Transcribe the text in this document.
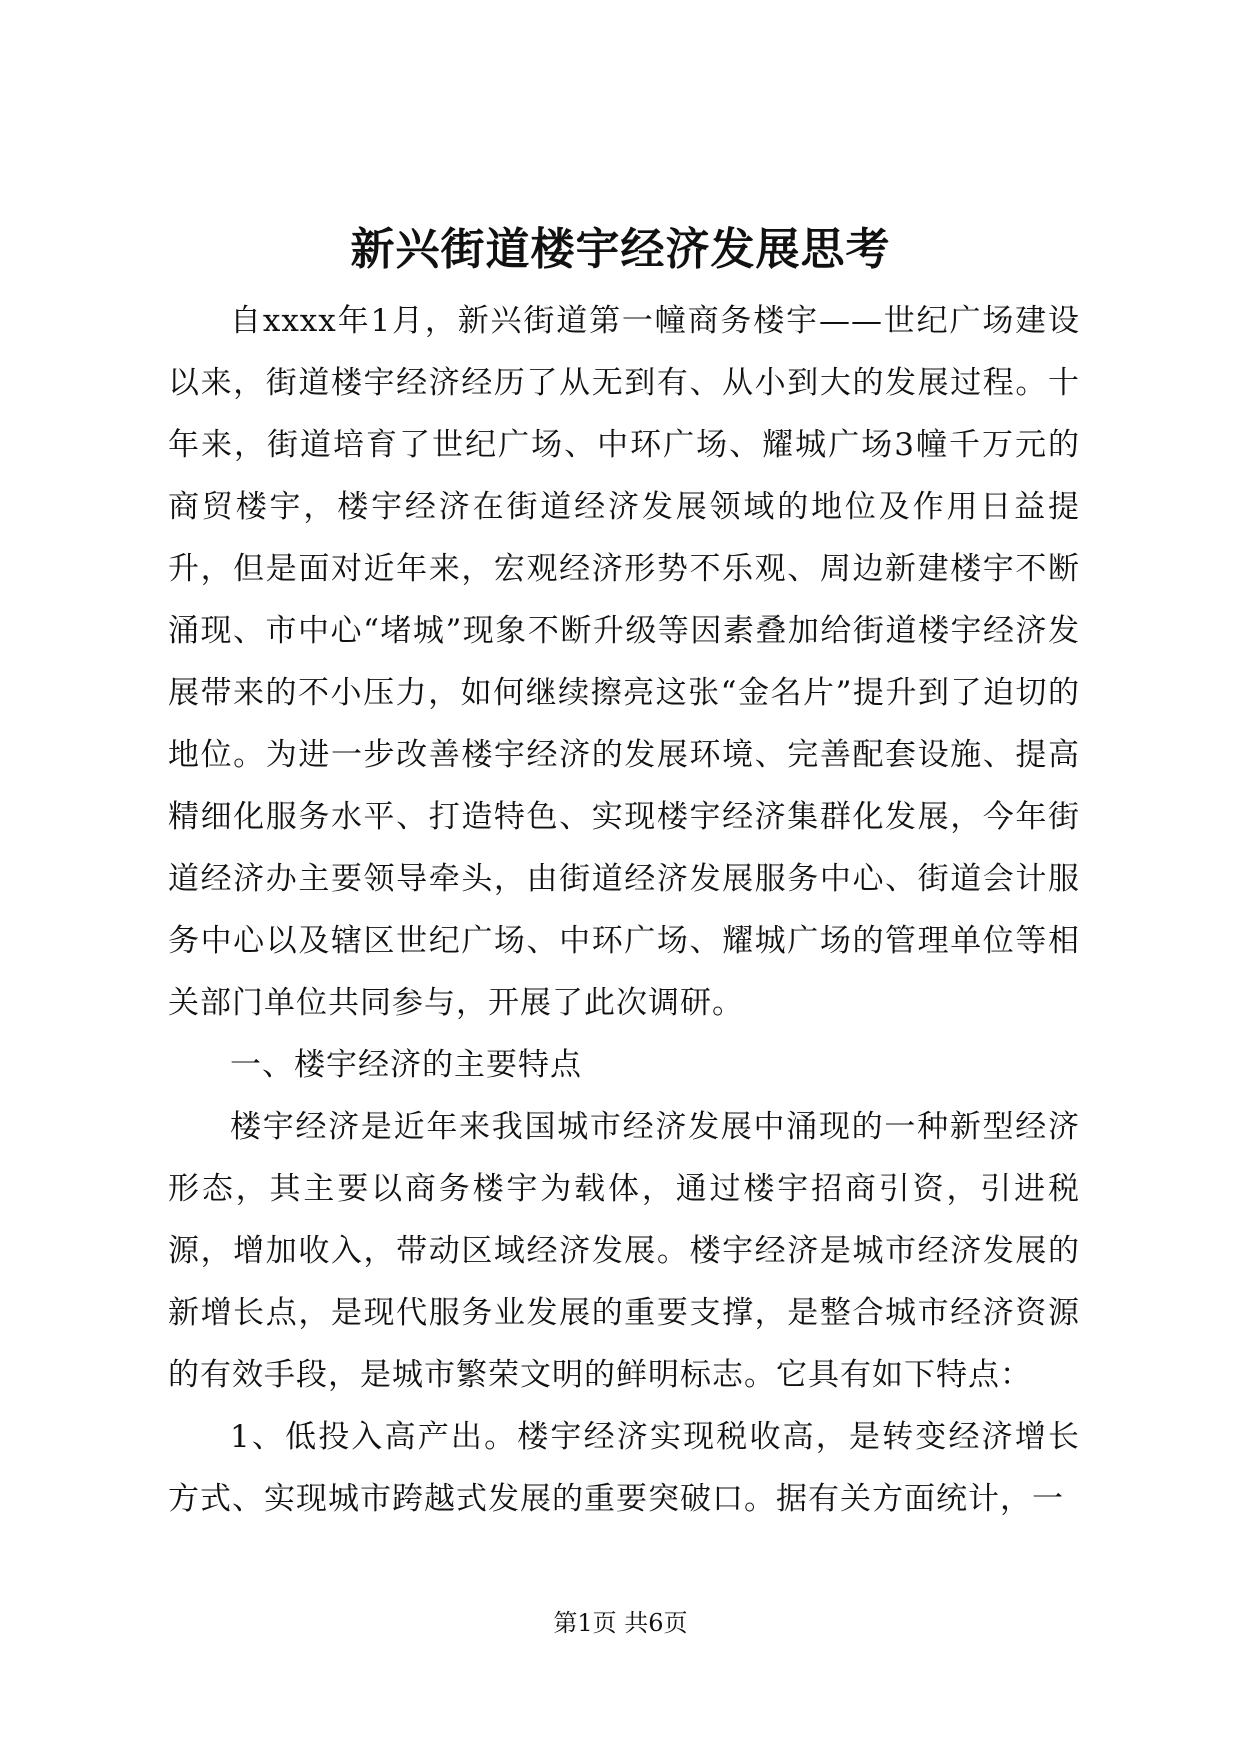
新兴街道楼宇经济发展思考

自xxxx年1月，新兴街道第一幢商务楼宇——世纪广场建设以来，街道楼宇经济经历了从无到有、从小到大的发展过程。十年来，街道培育了世纪广场、中环广场、耀城广场3幢千万元的商贸楼宇，楼宇经济在街道经济发展领域的地位及作用日益提升，但是面对近年来，宏观经济形势不乐观、周边新建楼宇不断涌现、市中心“堵城”现象不断升级等因素叠加给街道楼宇经济发展带来的不小压力，如何继续擦亮这张“金名片”提升到了迫切的地位。为进一步改善楼宇经济的发展环境、完善配套设施、提高精细化服务水平、打造特色、实现楼宇经济集群化发展，今年街道经济办主要领导牵头，由街道经济发展服务中心、街道会计服务中心以及辖区世纪广场、中环广场、耀城广场的管理单位等相关部门单位共同参与，开展了此次调研。

一、楼宇经济的主要特点

楼宇经济是近年来我国城市经济发展中涌现的一种新型经济形态，其主要以商务楼宇为载体，通过楼宇招商引资，引进税源，增加收入，带动区域经济发展。楼宇经济是城市经济发展的新增长点，是现代服务业发展的重要支撑，是整合城市经济资源的有效手段，是城市繁荣文明的鲜明标志。它具有如下特点：

1、低投入高产出。楼宇经济实现税收高，是转变经济增长方式、实现城市跨越式发展的重要突破口。据有关方面统计，一

第1页 共6页
